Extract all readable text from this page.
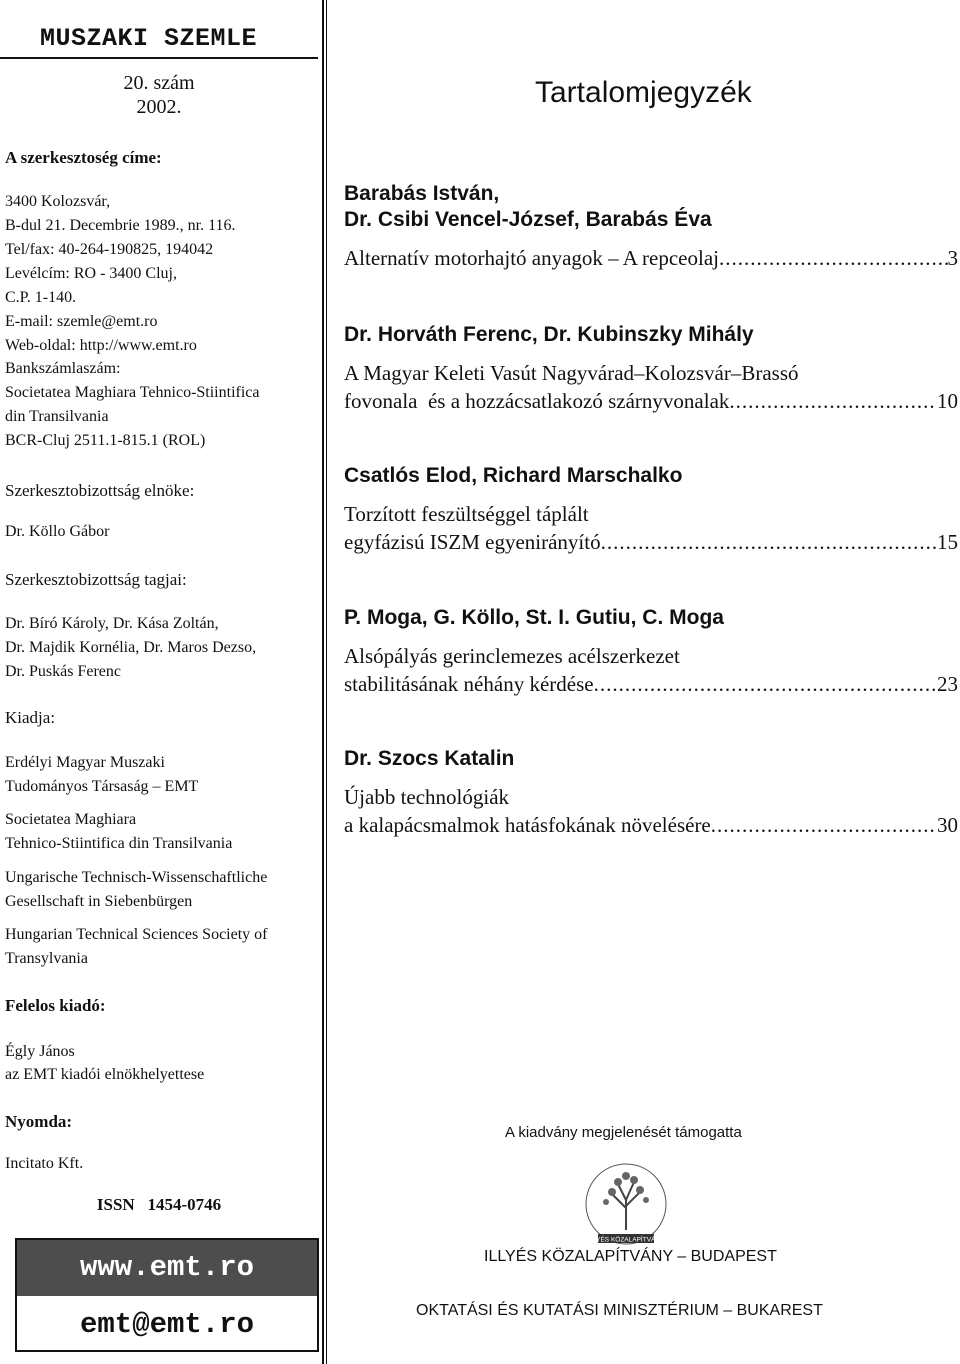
MUSZAKI SZEMLE
20. szám
2002.
A szerkesztoség címe:
3400 Kolozsvár,
B-dul 21. Decembrie 1989., nr. 116.
Tel/fax: 40-264-190825, 194042
Levélcím: RO - 3400 Cluj,
C.P. 1-140.
E-mail: szemle@emt.ro
Web-oldal: http://www.emt.ro
Bankszámlaszám:
Societatea Maghiara Tehnico-Stiintifica
din Transilvania
BCR-Cluj 2511.1-815.1 (ROL)
Szerkesztobizottság elnöke:
Dr. Köllo Gábor
Szerkesztobizottság tagjai:
Dr. Bíró Károly, Dr. Kása Zoltán,
Dr. Majdik Kornélia, Dr. Maros Dezso,
Dr. Puskás Ferenc
Kiadja:
Erdélyi Magyar Muszaki
Tudományos Társaság – EMT
Societatea Maghiara
Tehnico-Stiintifica din Transilvania
Ungarische Technisch-Wissenschaftliche
Gesellschaft in Siebenbürgen
Hungarian Technical Sciences Society of
Transylvania
Felelos kiadó:
Égly János
az EMT kiadói elnökhelyettese
Nyomda:
Incitato Kft.
ISSN   1454-0746
www.emt.ro
emt@emt.ro
Tartalomjegyzék
Barabás István,
Dr. Csibi Vencel-József, Barabás Éva
Alternatív motorhajtó anyagok – A repceolaj .....	3
Dr. Horváth Ferenc, Dr. Kubinszky Mihály
A Magyar Keleti Vasút Nagyvárad–Kolozsvár–Brassó
fovonala  és a hozzácsatlakozó szárnyvonalak .....	10
Csatlós Elod, Richard Marschalko
Torzított feszültséggel táplált
egyfázisú ISZM egyenirányító .....	15
P. Moga, G. Köllo, St. I. Gutiu, C. Moga
Alsópályás gerinclemezes acélszerkezet
stabilitásának néhány kérdése .....	23
Dr. Szocs Katalin
Újabb technológiák
a kalapácsmalmok hatásfokának növelésére .....	30
A kiadvány megjelenését támogatta
ILLYÉS KÖZALAPÍTVÁNY
ILLYÉS KÖZALAPÍTVÁNY – BUDAPEST
OKTATÁSI ÉS KUTATÁSI MINISZTÉRIUM – BUKAREST
